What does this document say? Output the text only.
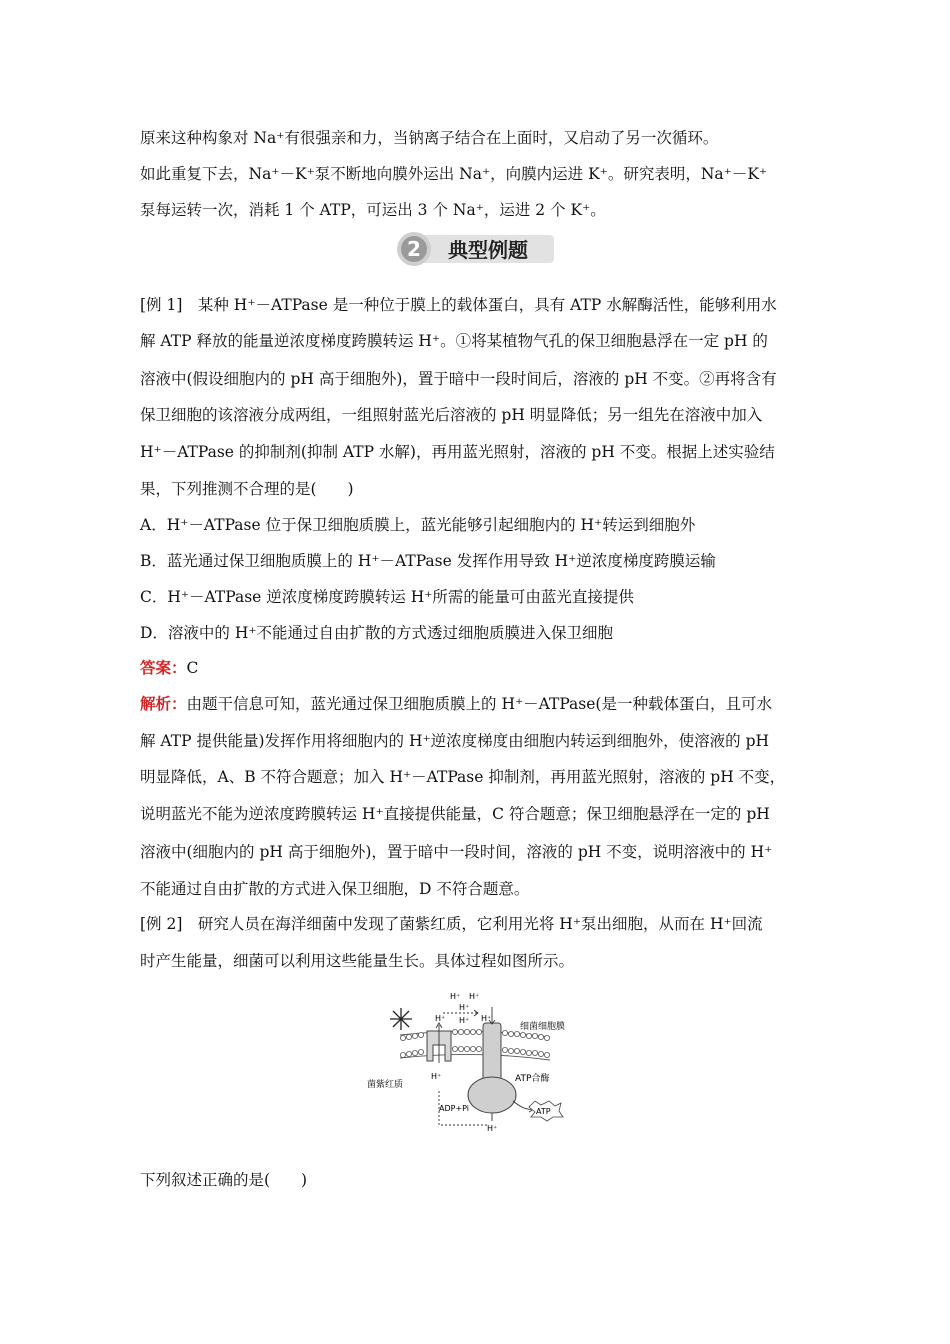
原来这种构象对 Na⁺有很强亲和力，当钠离子结合在上面时，又启动了另一次循环。
如此重复下去，Na⁺－K⁺泵不断地向膜外运出 Na⁺，向膜内运进 K⁺。研究表明，Na⁺－K⁺
泵每运转一次，消耗 1 个 ATP，可运出 3 个 Na⁺，运进 2 个 K⁺。
2 典型例题
[例 1]　某种 H⁺－ATPase 是一种位于膜上的载体蛋白，具有 ATP 水解酶活性，能够利用水
解 ATP 释放的能量逆浓度梯度跨膜转运 H⁺。①将某植物气孔的保卫细胞悬浮在一定 pH 的
溶液中(假设细胞内的 pH 高于细胞外)，置于暗中一段时间后，溶液的 pH 不变。②再将含有
保卫细胞的该溶液分成两组，一组照射蓝光后溶液的 pH 明显降低；另一组先在溶液中加入
H⁺－ATPase 的抑制剂(抑制 ATP 水解)，再用蓝光照射，溶液的 pH 不变。根据上述实验结
果，下列推测不合理的是(　　)
A．H⁺－ATPase 位于保卫细胞质膜上，蓝光能够引起细胞内的 H⁺转运到细胞外
B．蓝光通过保卫细胞质膜上的 H⁺－ATPase 发挥作用导致 H⁺逆浓度梯度跨膜运输
C．H⁺－ATPase 逆浓度梯度跨膜转运 H⁺所需的能量可由蓝光直接提供
D．溶液中的 H⁺不能通过自由扩散的方式透过细胞质膜进入保卫细胞
答案：C
解析：由题干信息可知，蓝光通过保卫细胞质膜上的 H⁺－ATPase(是一种载体蛋白，且可水
解 ATP 提供能量)发挥作用将细胞内的 H⁺逆浓度梯度由细胞内转运到细胞外，使溶液的 pH
明显降低，A、B 不符合题意；加入 H⁺－ATPase 抑制剂，再用蓝光照射，溶液的 pH 不变，
说明蓝光不能为逆浓度跨膜转运 H⁺直接提供能量，C 符合题意；保卫细胞悬浮在一定的 pH
溶液中(细胞内的 pH 高于细胞外)，置于暗中一段时间，溶液的 pH 不变，说明溶液中的 H⁺
不能通过自由扩散的方式进入保卫细胞，D 不符合题意。
[例 2]　研究人员在海洋细菌中发现了菌紫红质，它利用光将 H⁺泵出细胞，从而在 H⁺回流
时产生能量，细菌可以利用这些能量生长。具体过程如图所示。
H⁺ H⁺
H⁺
H⁺ H⁺ H⁺
H⁺
H⁺
细菌细胞膜
菌紫红质
ATP合酶
ADP+Pi	ATP
下列叙述正确的是(　　)
